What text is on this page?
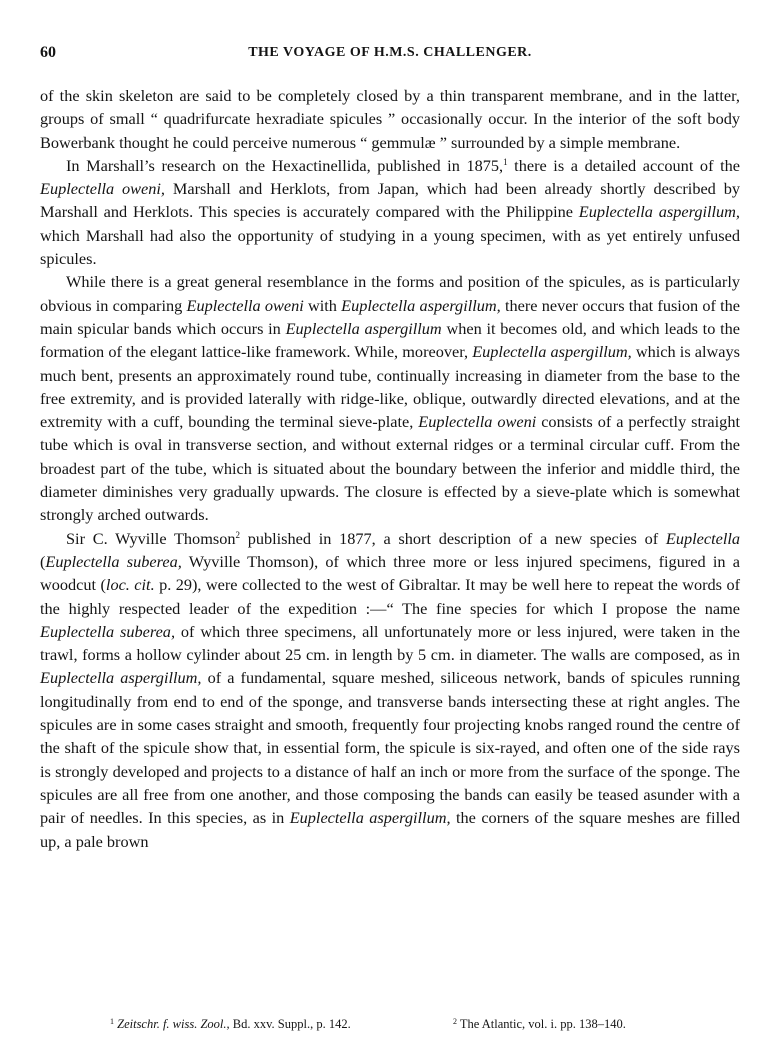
60	THE VOYAGE OF H.M.S. CHALLENGER.

of the skin skeleton are said to be completely closed by a thin transparent membrane, and in the latter, groups of small “ quadrifurcate hexradiate spicules ” occasionally occur. In the interior of the soft body Bowerbank thought he could perceive numerous “ gemmulæ ” surrounded by a simple membrane.

In Marshall’s research on the Hexactinellida, published in 1875,$^1$ there is a detailed account of the Euplectella oweni, Marshall and Herklots, from Japan, which had been already shortly described by Marshall and Herklots. This species is accurately compared with the Philippine Euplectella aspergillum, which Marshall had also the opportunity of studying in a young specimen, with as yet entirely unfused spicules.

While there is a great general resemblance in the forms and position of the spicules, as is particularly obvious in comparing Euplectella oweni with Euplectella aspergillum, there never occurs that fusion of the main spicular bands which occurs in Euplectella aspergillum when it becomes old, and which leads to the formation of the elegant lattice-like framework. While, moreover, Euplectella aspergillum, which is always much bent, presents an approximately round tube, continually increasing in diameter from the base to the free extremity, and is provided laterally with ridge-like, oblique, outwardly directed elevations, and at the extremity with a cuff, bounding the terminal sieve-plate, Euplectella oweni consists of a perfectly straight tube which is oval in transverse section, and without external ridges or a terminal circular cuff. From the broadest part of the tube, which is situated about the boundary between the inferior and middle third, the diameter diminishes very gradually upwards. The closure is effected by a sieve-plate which is somewhat strongly arched outwards.

Sir C. Wyville Thomson$^2$ published in 1877, a short description of a new species of Euplectella (Euplectella suberea, Wyville Thomson), of which three more or less injured specimens, figured in a woodcut (loc. cit. p. 29), were collected to the west of Gibraltar. It may be well here to repeat the words of the highly respected leader of the expedition :—“ The fine species for which I propose the name Euplectella suberea, of which three specimens, all unfortunately more or less injured, were taken in the trawl, forms a hollow cylinder about 25 cm. in length by 5 cm. in diameter. The walls are composed, as in Euplectella aspergillum, of a fundamental, square meshed, siliceous network, bands of spicules running longitudinally from end to end of the sponge, and transverse bands intersecting these at right angles. The spicules are in some cases straight and smooth, frequently four projecting knobs ranged round the centre of the shaft of the spicule show that, in essential form, the spicule is six-rayed, and often one of the side rays is strongly developed and projects to a distance of half an inch or more from the surface of the sponge. The spicules are all free from one another, and those composing the bands can easily be teased asunder with a pair of needles. In this species, as in Euplectella aspergillum, the corners of the square meshes are filled up, a pale brown

$^1$ Zeitschr. f. wiss. Zool., Bd. xxv. Suppl., p. 142.	$^2$ The Atlantic, vol. i. pp. 138–140.
